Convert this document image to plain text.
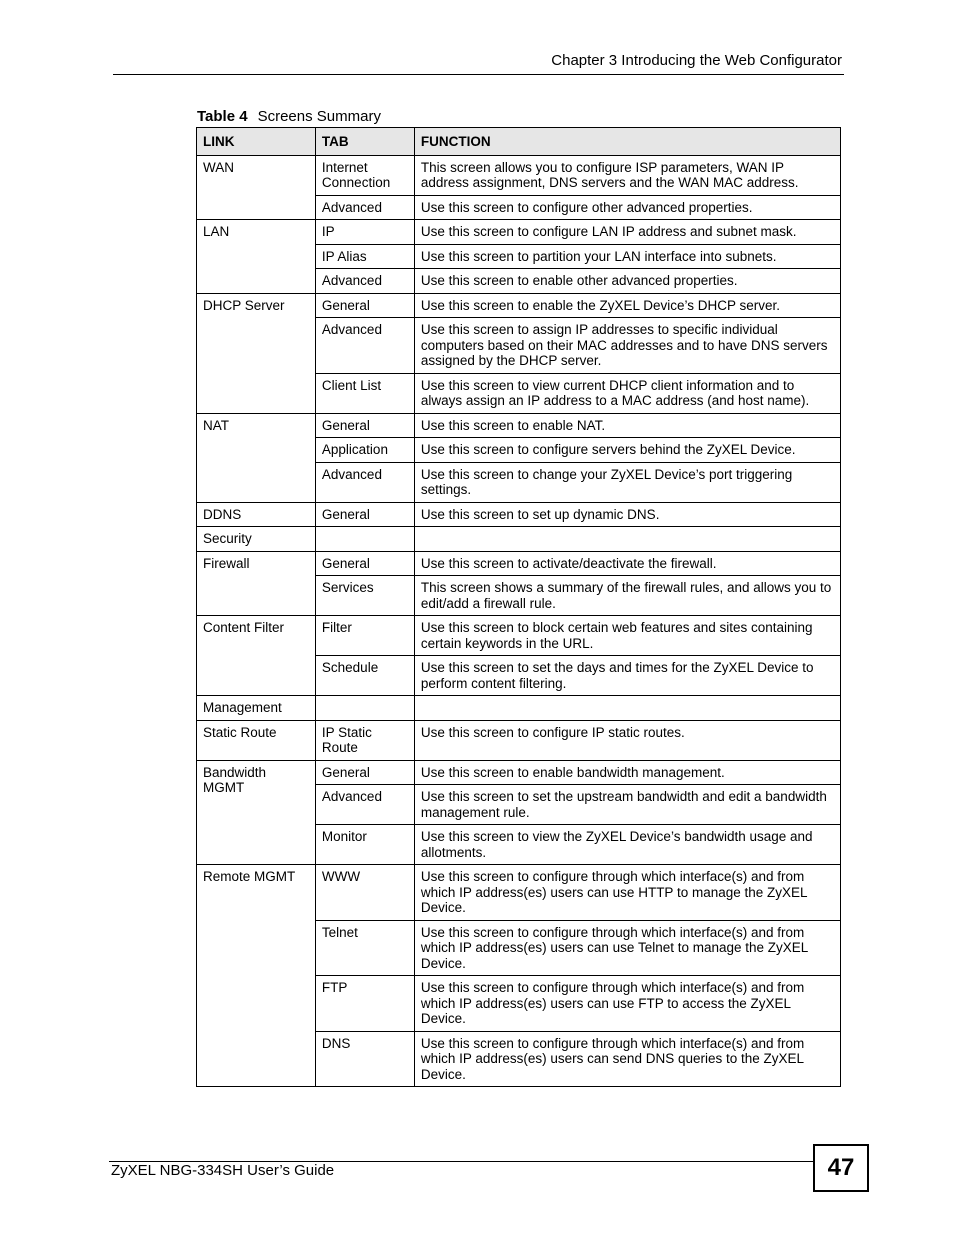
Chapter 3 Introducing the Web Configurator
Table 4 Screens Summary
LINK	TAB	FUNCTION
WAN	Internet Connection	This screen allows you to configure ISP parameters, WAN IP address assignment, DNS servers and the WAN MAC address.
	Advanced	Use this screen to configure other advanced properties.
LAN	IP	Use this screen to configure LAN IP address and subnet mask.
	IP Alias	Use this screen to partition your LAN interface into subnets.
	Advanced	Use this screen to enable other advanced properties.
DHCP Server	General	Use this screen to enable the ZyXEL Device’s DHCP server.
	Advanced	Use this screen to assign IP addresses to specific individual computers based on their MAC addresses and to have DNS servers assigned by the DHCP server.
	Client List	Use this screen to view current DHCP client information and to always assign an IP address to a MAC address (and host name).
NAT	General	Use this screen to enable NAT.
	Application	Use this screen to configure servers behind the ZyXEL Device.
	Advanced	Use this screen to change your ZyXEL Device’s port triggering settings.
DDNS	General	Use this screen to set up dynamic DNS.
Security		
Firewall	General	Use this screen to activate/deactivate the firewall.
	Services	This screen shows a summary of the firewall rules, and allows you to edit/add a firewall rule.
Content Filter	Filter	Use this screen to block certain web features and sites containing certain keywords in the URL.
	Schedule	Use this screen to set the days and times for the ZyXEL Device to perform content filtering.
Management		
Static Route	IP Static Route	Use this screen to configure IP static routes.
Bandwidth MGMT	General	Use this screen to enable bandwidth management.
	Advanced	Use this screen to set the upstream bandwidth and edit a bandwidth management rule.
	Monitor	Use this screen to view the ZyXEL Device’s bandwidth usage and allotments.
Remote MGMT	WWW	Use this screen to configure through which interface(s) and from which IP address(es) users can use HTTP to manage the ZyXEL Device.
	Telnet	Use this screen to configure through which interface(s) and from which IP address(es) users can use Telnet to manage the ZyXEL Device.
	FTP	Use this screen to configure through which interface(s) and from which IP address(es) users can use FTP to access the ZyXEL Device.
	DNS	Use this screen to configure through which interface(s) and from which IP address(es) users can send DNS queries to the ZyXEL Device.
ZyXEL NBG-334SH User’s Guide	47
